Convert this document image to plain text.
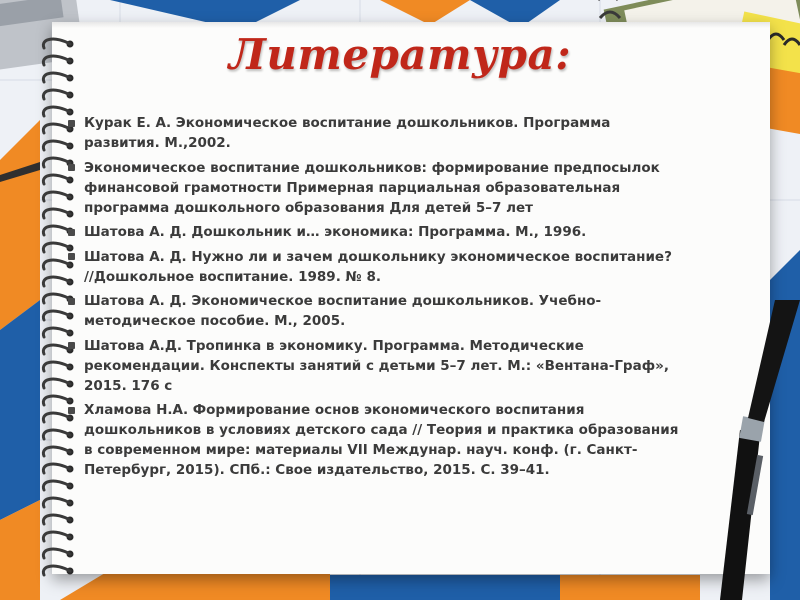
Литература:
Курак Е. А. Экономическое воспитание дошкольников. Программа развития. М.,2002.
Экономическое воспитание дошкольников: формирование предпосылок финансовой грамотности Примерная парциальная образовательная программа дошкольного образования Для детей 5–7 лет
Шатова А. Д. Дошкольник и… экономика: Программа. М., 1996.
Шатова А. Д. Нужно ли и зачем дошкольнику экономическое воспитание? //Дошкольное воспитание. 1989. № 8.
Шатова А. Д. Экономическое воспитание дошкольников. Учебно-методическое пособие. М., 2005.
Шатова А.Д. Тропинка в экономику. Программа. Методические рекомендации. Конспекты занятий с детьми 5–7 лет. М.: «Вентана-Граф», 2015. 176 с
Хламова Н.А. Формирование основ экономического воспитания дошкольников в условиях детского сада // Теория и практика образования в современном мире: материалы VII Междунар. науч. конф. (г. Санкт-Петербург, 2015). СПб.: Свое издательство, 2015. С. 39–41.
